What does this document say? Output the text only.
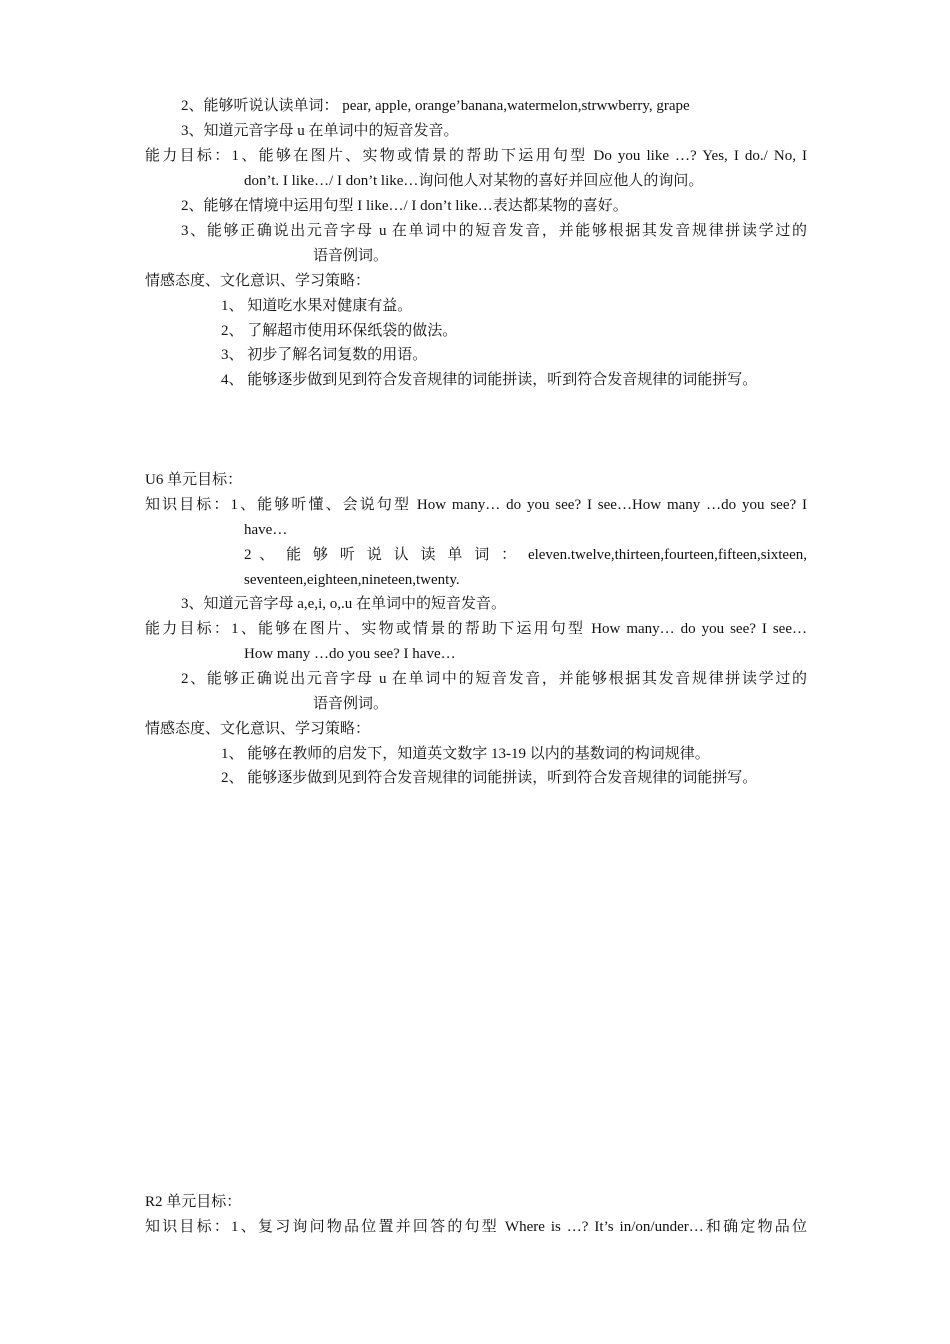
2、能够听说认读单词： pear, apple, orange’banana,watermelon,strwwberry, grape
3、知道元音字母 u 在单词中的短音发音。
能力目标：1、能够在图片、实物或情景的帮助下运用句型 Do you like …? Yes, I do./ No, I
don’t. I like…/ I don’t like…询问他人对某物的喜好并回应他人的询问。
2、能够在情境中运用句型 I like…/ I don’t like…表达都某物的喜好。
3、能够正确说出元音字母 u 在单词中的短音发音，并能够根据其发音规律拼读学过的
语音例词。
情感态度、文化意识、学习策略：
1、 知道吃水果对健康有益。
2、 了解超市使用环保纸袋的做法。
3、 初步了解名词复数的用语。
4、 能够逐步做到见到符合发音规律的词能拼读，听到符合发音规律的词能拼写。
U6 单元目标：
知识目标：1、能够听懂、会说句型 How many… do you see? I see…How many …do you see? I
have…
2 、 能 够 听 说 认 读 单 词 ： eleven.twelve,thirteen,fourteen,fifteen,sixteen,
seventeen,eighteen,nineteen,twenty.
3、知道元音字母 a,e,i, o,.u 在单词中的短音发音。
能力目标：1、能够在图片、实物或情景的帮助下运用句型 How many… do you see? I see…
How many …do you see? I have…
2、能够正确说出元音字母 u 在单词中的短音发音，并能够根据其发音规律拼读学过的
语音例词。
情感态度、文化意识、学习策略：
1、 能够在教师的启发下，知道英文数字 13-19 以内的基数词的构词规律。
2、 能够逐步做到见到符合发音规律的词能拼读，听到符合发音规律的词能拼写。
R2 单元目标：
知识目标：1、复习询问物品位置并回答的句型 Where is …? It’s in/on/under…和确定物品位
